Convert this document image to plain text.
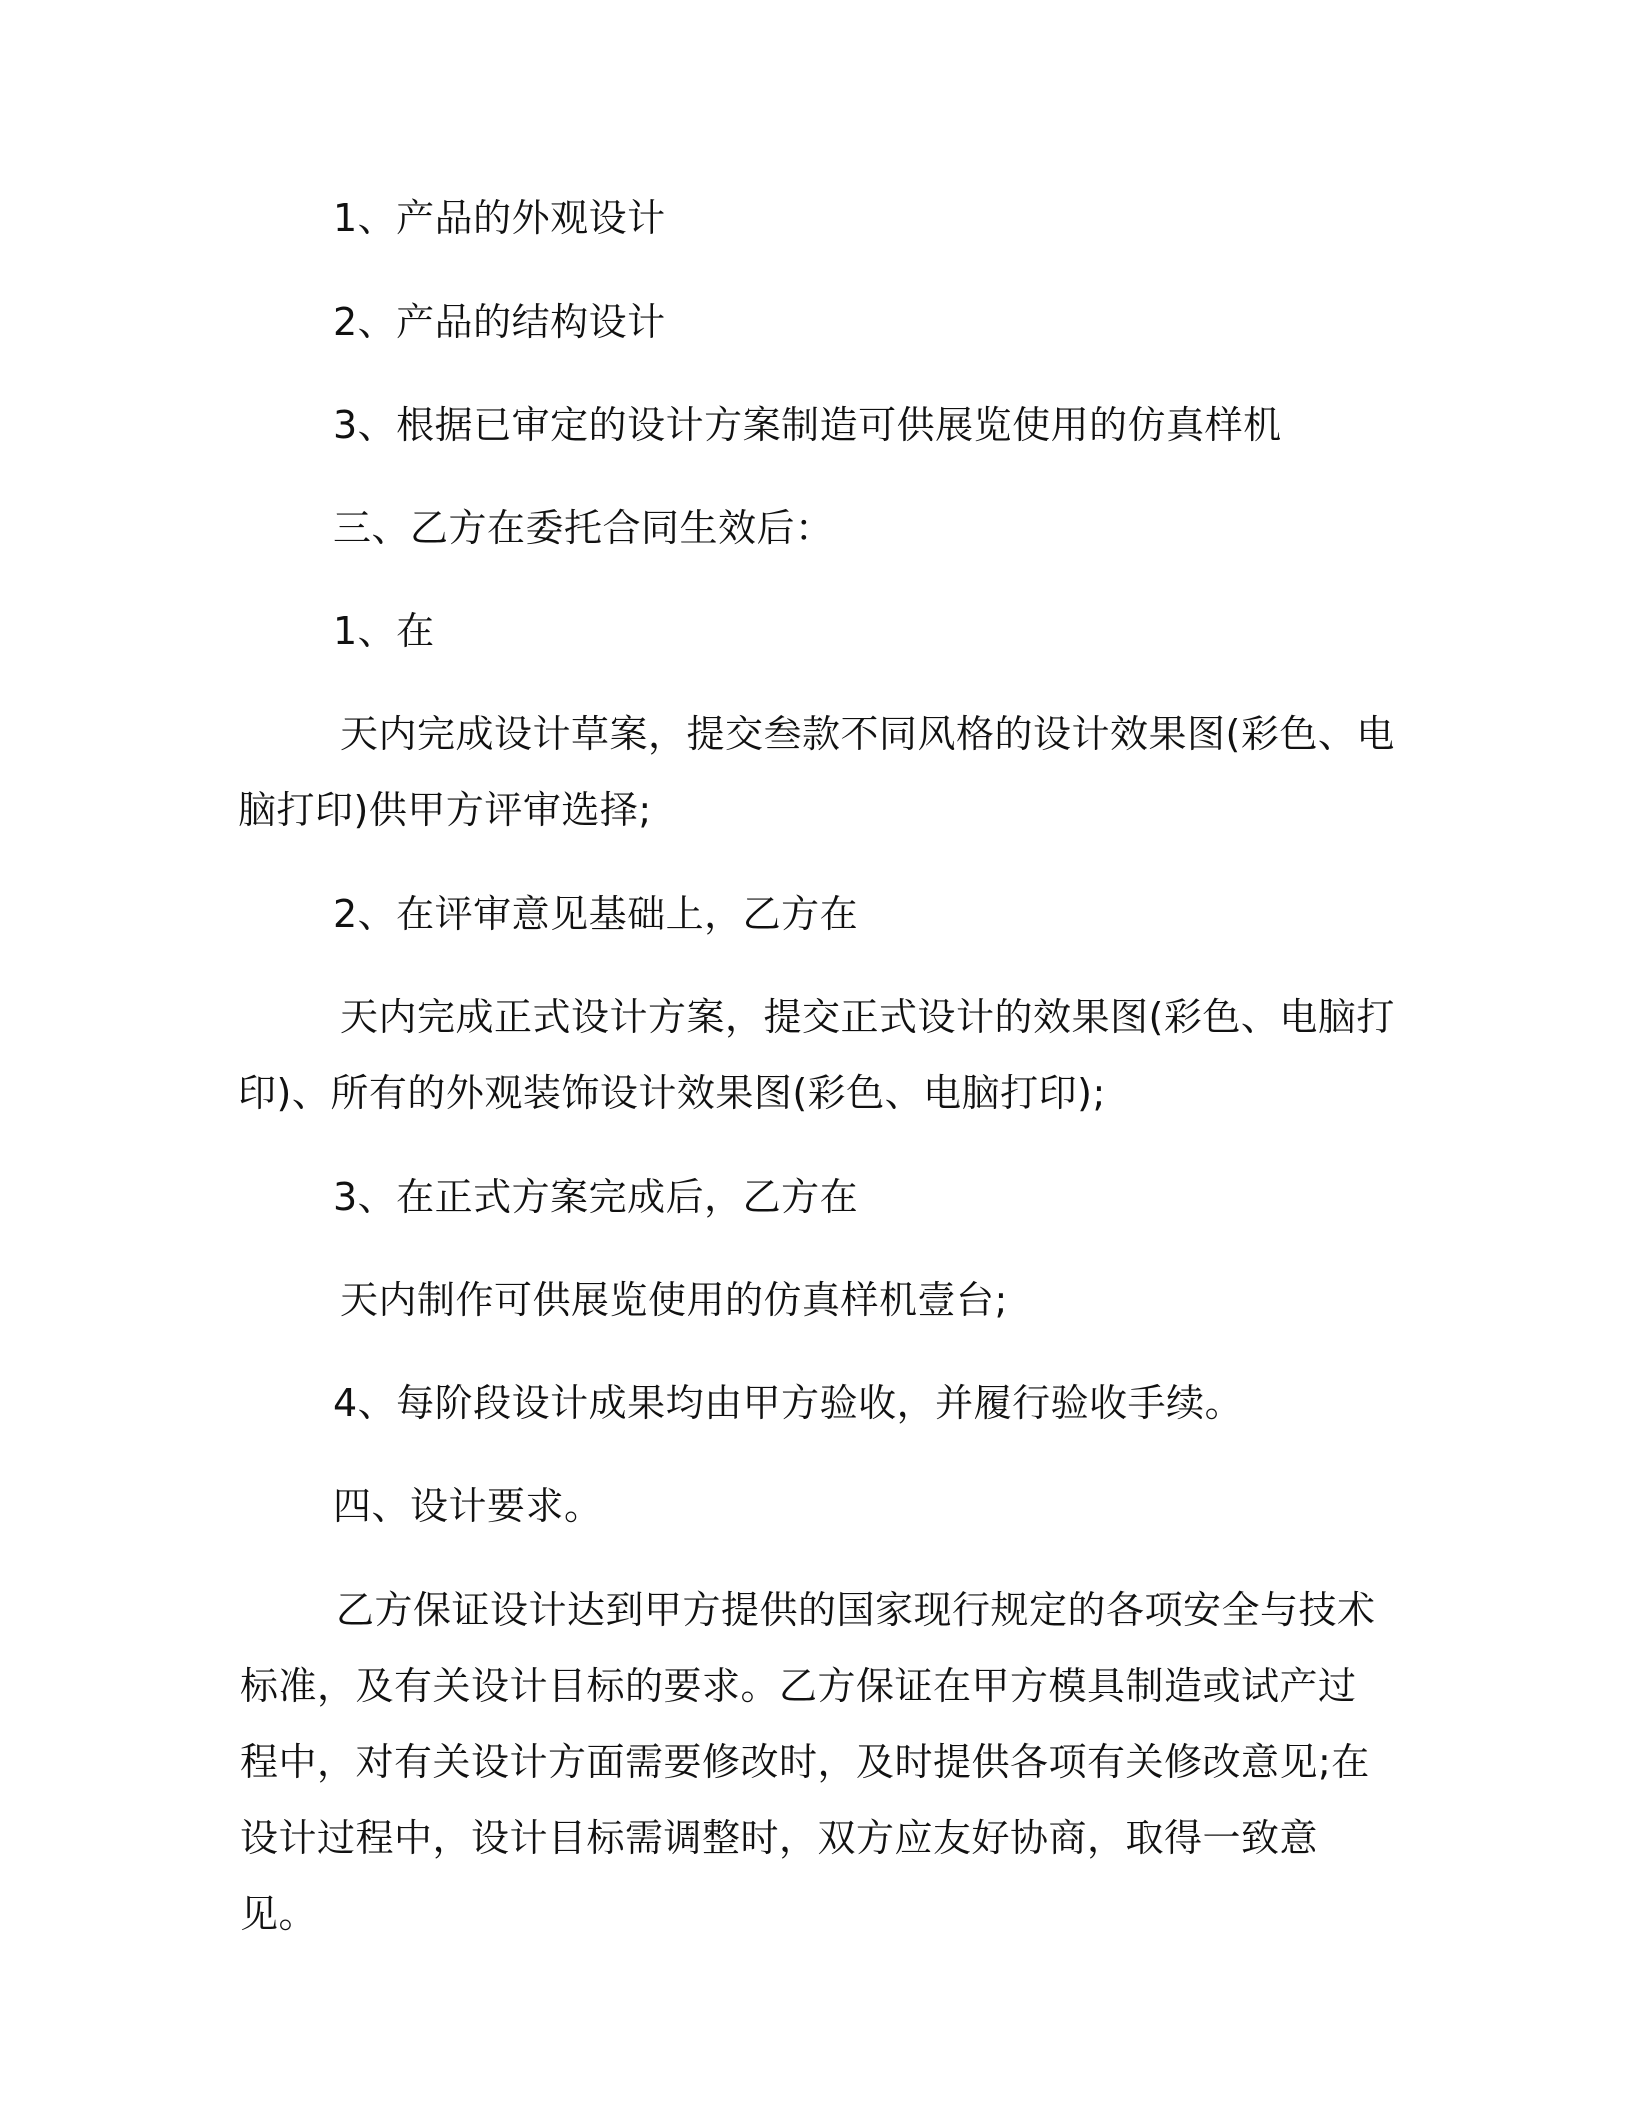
1、产品的外观设计
2、产品的结构设计
3、根据已审定的设计方案制造可供展览使用的仿真样机
三、乙方在委托合同生效后：
1、在
天内完成设计草案，提交叁款不同风格的设计效果图(彩色、电
脑打印)供甲方评审选择;
2、在评审意见基础上，乙方在
天内完成正式设计方案，提交正式设计的效果图(彩色、电脑打
印)、所有的外观装饰设计效果图(彩色、电脑打印);
3、在正式方案完成后，乙方在
天内制作可供展览使用的仿真样机壹台;
4、每阶段设计成果均由甲方验收，并履行验收手续。
四、设计要求。
乙方保证设计达到甲方提供的国家现行规定的各项安全与技术标准，及有关设计目标的要求。乙方保证在甲方模具制造或试产过程中，对有关设计方面需要修改时，及时提供各项有关修改意见;在设计过程中，设计目标需调整时，双方应友好协商，取得一致意见。
